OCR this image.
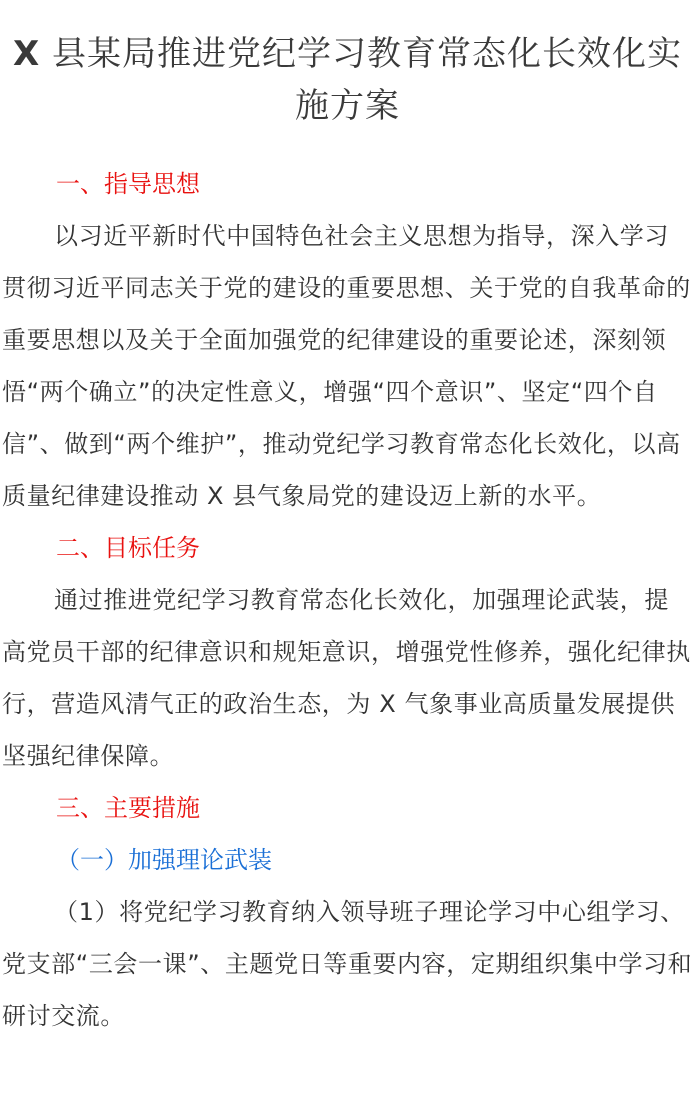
X 县某局推进党纪学习教育常态化长效化实施方案

一、指导思想

以习近平新时代中国特色社会主义思想为指导，深入学习贯彻习近平同志关于党的建设的重要思想、关于党的自我革命的重要思想以及关于全面加强党的纪律建设的重要论述，深刻领悟“两个确立”的决定性意义，增强“四个意识”、坚定“四个自信”、做到“两个维护”，推动党纪学习教育常态化长效化，以高质量纪律建设推动 X 县气象局党的建设迈上新的水平。

二、目标任务

通过推进党纪学习教育常态化长效化，加强理论武装，提高党员干部的纪律意识和规矩意识，增强党性修养，强化纪律执行，营造风清气正的政治生态，为 X 气象事业高质量发展提供坚强纪律保障。

三、主要措施

（一）加强理论武装

（1）将党纪学习教育纳入领导班子理论学习中心组学习、党支部“三会一课”、主题党日等重要内容，定期组织集中学习和研讨交流。
